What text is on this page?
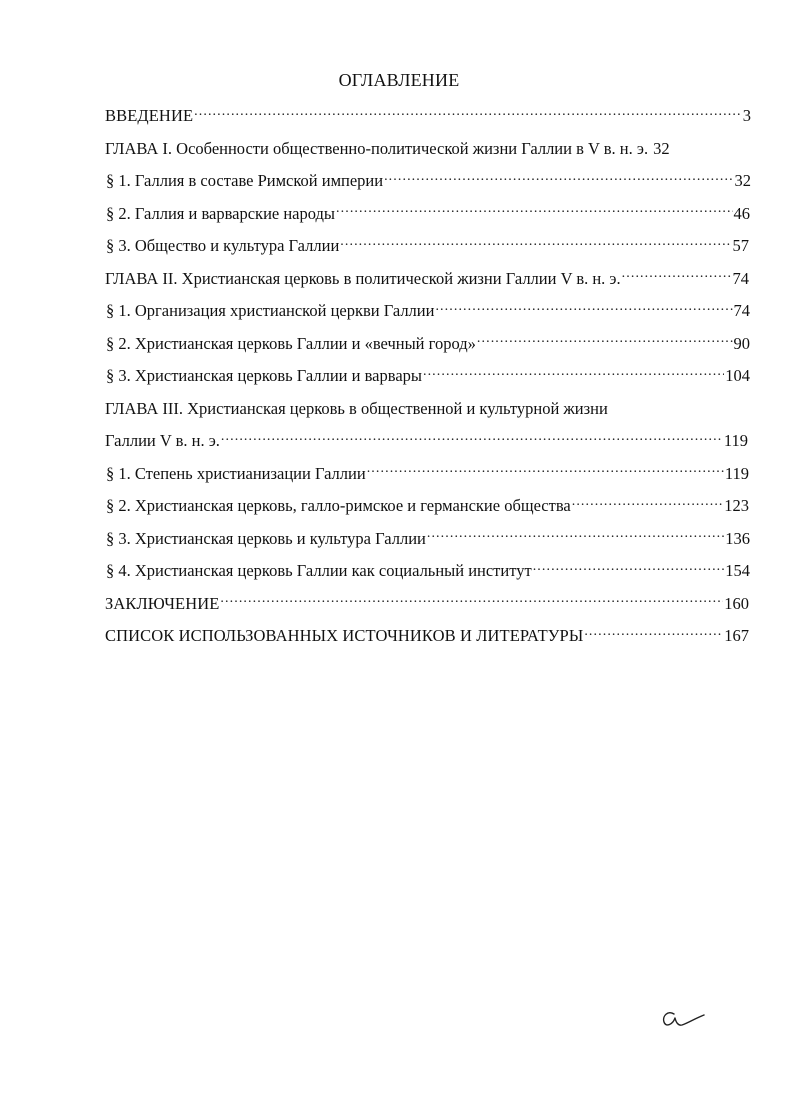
ОГЛАВЛЕНИЕ
ВВЕДЕНИЕ .....	3
ГЛАВА I. Особенности общественно-политической жизни Галлии в V в. н. э. 32
§ 1. Галлия в составе Римской империи .....	32
§ 2. Галлия и варварские народы .....	46
§ 3. Общество и культура Галлии .....	57
ГЛАВА II. Христианская церковь в политической жизни Галлии V в. н. э. .....	74
§ 1. Организация христианской церкви Галлии .....	74
§ 2. Христианская церковь Галлии и «вечный город» .....	90
§ 3. Христианская церковь Галлии и варвары .....	104
ГЛАВА III. Христианская церковь в общественной и культурной жизни
Галлии V в. н. э. .....	119
§ 1. Степень христианизации Галлии .....	119
§ 2. Христианская церковь, галло-римское и германские общества .....	123
§ 3. Христианская церковь и культура Галлии .....	136
§ 4. Христианская церковь Галлии как социальный институт .....	154
ЗАКЛЮЧЕНИЕ .....	160
СПИСОК ИСПОЛЬЗОВАННЫХ ИСТОЧНИКОВ И ЛИТЕРАТУРЫ .....	167
